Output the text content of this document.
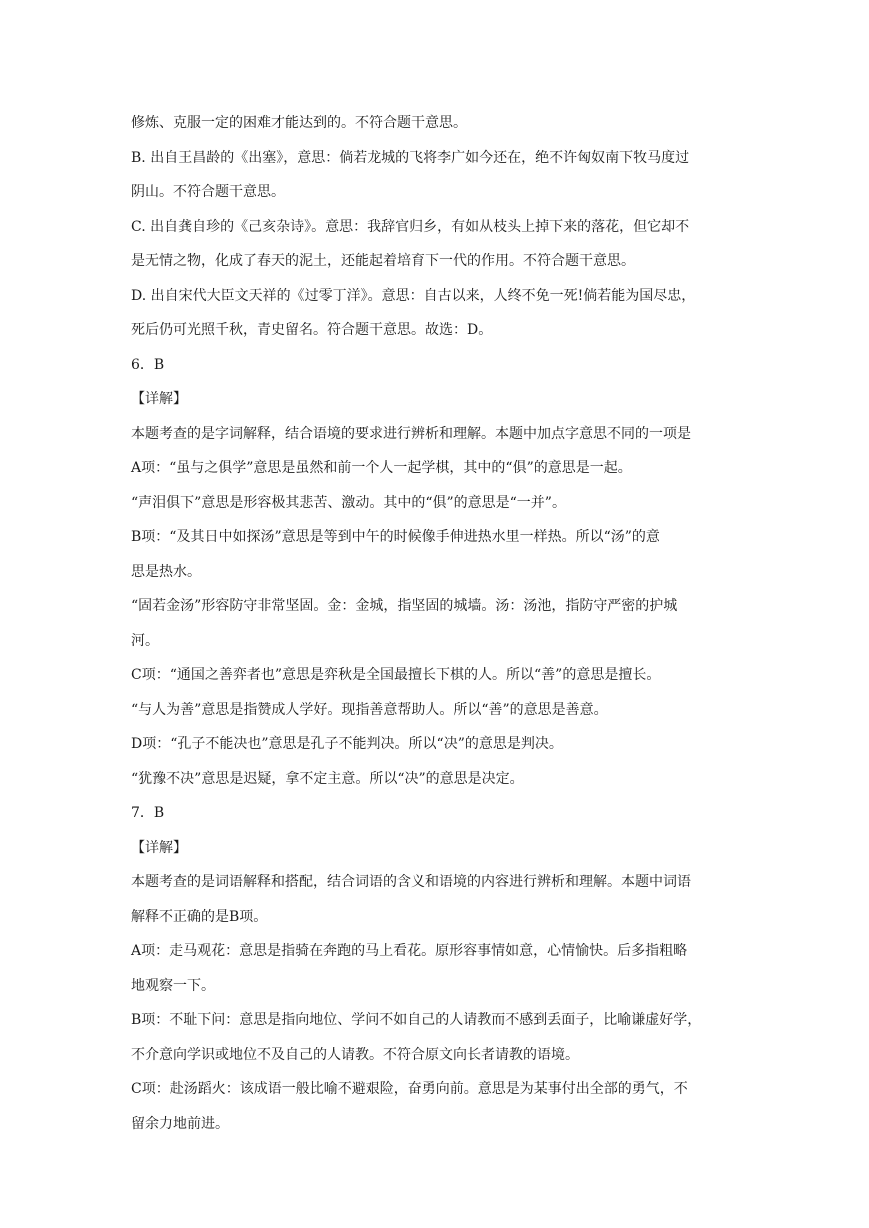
修炼、克服一定的困难才能达到的。不符合题干意思。
B. 出自王昌龄的《出塞》，意思：倘若龙城的飞将李广如今还在，绝不许匈奴南下牧马度过
阴山。不符合题干意思。
C. 出自龚自珍的《己亥杂诗》。意思：我辞官归乡，有如从枝头上掉下来的落花，但它却不
是无情之物，化成了春天的泥土，还能起着培育下一代的作用。不符合题干意思。
D. 出自宋代大臣文天祥的《过零丁洋》。意思：自古以来，人终不免一死!倘若能为国尽忠，
死后仍可光照千秋，青史留名。符合题干意思。故选：D。
6．B
【详解】
本题考查的是字词解释，结合语境的要求进行辨析和理解。本题中加点字意思不同的一项是
A项：“虽与之俱学”意思是虽然和前一个人一起学棋，其中的“俱”的意思是一起。
“声泪俱下”意思是形容极其悲苦、激动。其中的“俱”的意思是“一并”。
B项：“及其日中如探汤”意思是等到中午的时候像手伸进热水里一样热。所以“汤”的意
思是热水。
“固若金汤”形容防守非常坚固。金：金城，指坚固的城墙。汤：汤池，指防守严密的护城
河。
C项：“通国之善弈者也”意思是弈秋是全国最擅长下棋的人。所以“善”的意思是擅长。
“与人为善”意思是指赞成人学好。现指善意帮助人。所以“善”的意思是善意。
D项：“孔子不能决也”意思是孔子不能判决。所以“决”的意思是判决。
“犹豫不决”意思是迟疑，拿不定主意。所以“决”的意思是决定。
7．B
【详解】
本题考查的是词语解释和搭配，结合词语的含义和语境的内容进行辨析和理解。本题中词语
解释不正确的是B项。
A项：走马观花：意思是指骑在奔跑的马上看花。原形容事情如意，心情愉快。后多指粗略
地观察一下。
B项：不耻下问：意思是指向地位、学问不如自己的人请教而不感到丢面子，比喻谦虚好学，
不介意向学识或地位不及自己的人请教。不符合原文向长者请教的语境。
C项：赴汤蹈火：该成语一般比喻不避艰险，奋勇向前。意思是为某事付出全部的勇气，不
留余力地前进。
